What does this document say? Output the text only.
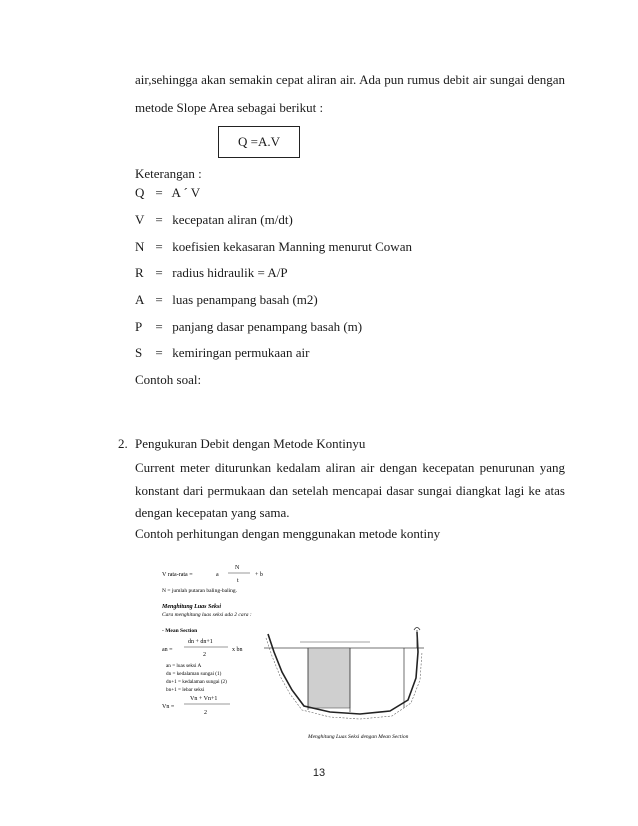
air,sehingga akan semakin cepat aliran air. Ada pun rumus debit air sungai dengan
metode Slope Area sebagai berikut :
Q =A.V
Keterangan :
Q = A ´ V
V = kecepatan aliran (m/dt)
N = koefisien kekasaran Manning menurut Cowan
R = radius hidraulik = A/P
A = luas penampang basah (m2)
P = panjang dasar penampang basah (m)
S = kemiringan permukaan air
Contoh soal:
2. Pengukuran Debit dengan Metode Kontinyu
Current meter diturunkan kedalam aliran air dengan kecepatan penurunan yang
konstant dari permukaan dan setelah mencapai dasar sungai diangkat lagi ke atas
dengan kecepatan yang sama.
Contoh perhitungan dengan menggunakan metode kontiny
V rata-rata =	a
N
t
+ b
N = jumlah putaran baling-baling.
Menghitung Luas Seksi
Cara menghitung luas seksi ada 2 cara :
- Mean Section
an =
dn + dn+1
2
x bn
an = luas seksi A
dn = kedalaman sungai (1)
dn+1 = kedalaman sungai (2)
bn+1 = lebar seksi
Vn =
Vn + Vn+1
2
Menghitung Luas Seksi dengan Mean Section
13
